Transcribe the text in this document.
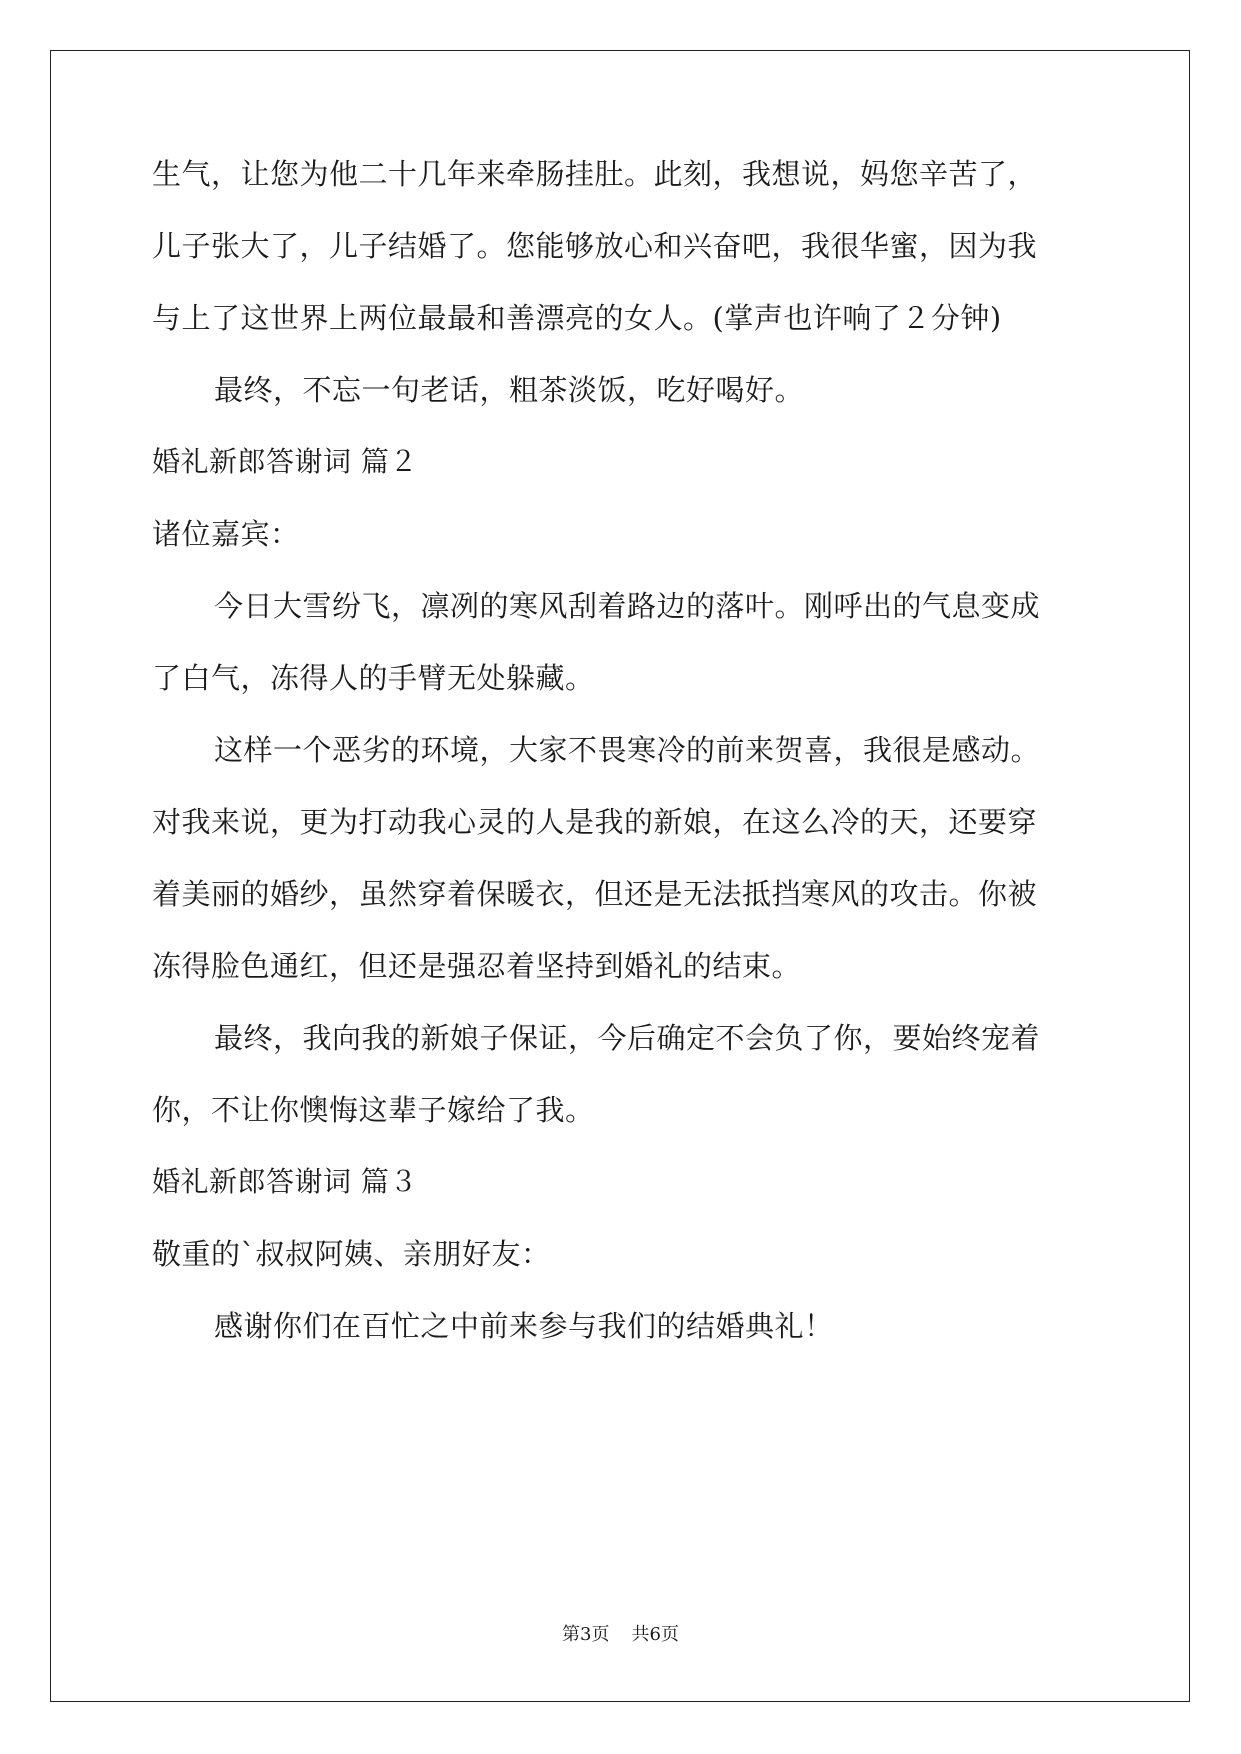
生气，让您为他二十几年来牵肠挂肚。此刻，我想说，妈您辛苦了，
儿子张大了，儿子结婚了。您能够放心和兴奋吧，我很华蜜，因为我
与上了这世界上两位最最和善漂亮的女人。(掌声也许响了２分钟)
最终，不忘一句老话，粗茶淡饭，吃好喝好。
婚礼新郎答谢词 篇２
诸位嘉宾：
今日大雪纷飞，凛冽的寒风刮着路边的落叶。刚呼出的气息变成
了白气，冻得人的手臂无处躲藏。
这样一个恶劣的环境，大家不畏寒冷的前来贺喜，我很是感动。
对我来说，更为打动我心灵的人是我的新娘，在这么冷的天，还要穿
着美丽的婚纱，虽然穿着保暖衣，但还是无法抵挡寒风的攻击。你被
冻得脸色通红，但还是强忍着坚持到婚礼的结束。
最终，我向我的新娘子保证，今后确定不会负了你，要始终宠着
你，不让你懊悔这辈子嫁给了我。
婚礼新郎答谢词 篇３
敬重的`叔叔阿姨、亲朋好友：
感谢你们在百忙之中前来参与我们的结婚典礼！
第3页 共6页
